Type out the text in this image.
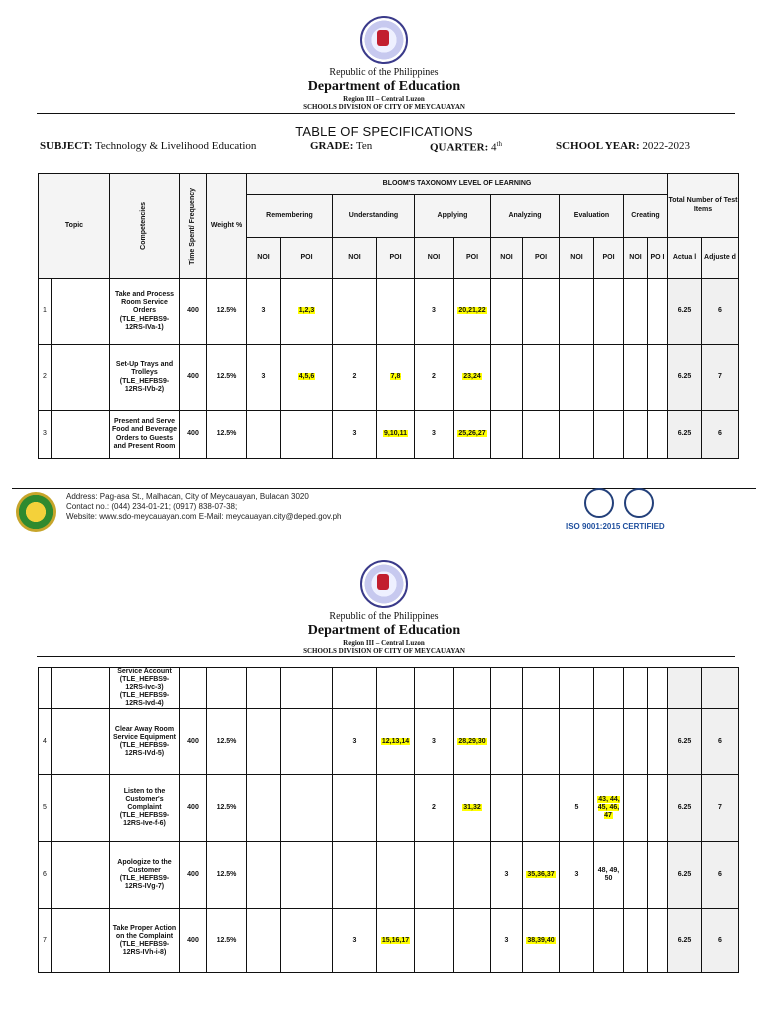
Republic of the Philippines
Department of Education
Region III – Central Luzon
SCHOOLS DIVISION OF CITY OF MEYCAUAYAN
TABLE OF SPECIFICATIONS
SUBJECT: Technology & Livelihood Education	GRADE: Ten	QUARTER: 4th	SCHOOL YEAR: 2022-2023
Topic		Competencies	Time Spent/ Frequency	Weight %	BLOOM'S TAXONOMY LEVEL OF LEARNING												Total Number of Test Items	
					Remembering		Understanding		Applying		Analyzing		Evaluation		Creating			
					NOI	POI	NOI	POI	NOI	POI	NOI	POI	NOI	POI	NOI	PO I	Actua l	Adjuste d
1		Take and Process Room Service Orders (TLE_HEFBS9-12RS-IVa-1)	400	12.5%	3	1,2,3			3	20,21,22							6.25	6
2		Set-Up Trays and Trolleys (TLE_HEFBS9-12RS-IVb-2)	400	12.5%	3	4,5,6	2	7,8	2	23,24							6.25	7
3		Present and Serve Food and Beverage Orders to Guests and Present Room	400	12.5%			3	9,10,11	3	25,26,27							6.25	6
Address: Pag-asa St., Malhacan, City of Meycauayan, Bulacan 3020
Contact no.: (044) 234-01-21; (0917) 838-07-38;
Website: www.sdo-meycauayan.com E-Mail: meycauayan.city@deped.gov.ph
ISO 9001:2015 CERTIFIED
Republic of the Philippines
Department of Education
Region III – Central Luzon
SCHOOLS DIVISION OF CITY OF MEYCAUAYAN
		Service Account (TLE_HEFBS9-12RS-Ivc-3) (TLE_HEFBS9-12RS-Ivd-4)																
4		Clear Away Room Service Equipment (TLE_HEFBS9-12RS-IVd-5)	400	12.5%			3	12,13,14	3	28,29,30							6.25	6
5		Listen to the Customer's Complaint (TLE_HEFBS9-12RS-Ive-f-6)	400	12.5%					2	31,32			5	43, 44, 45, 46, 47			6.25	7
6		Apologize to the Customer (TLE_HEFBS9-12RS-IVg-7)	400	12.5%							3	35,36,37	3	48, 49, 50			6.25	6
7		Take Proper Action on the Complaint (TLE_HEFBS9-12RS-IVh-i-8)	400	12.5%			3	15,16,17			3	38,39,40					6.25	6
